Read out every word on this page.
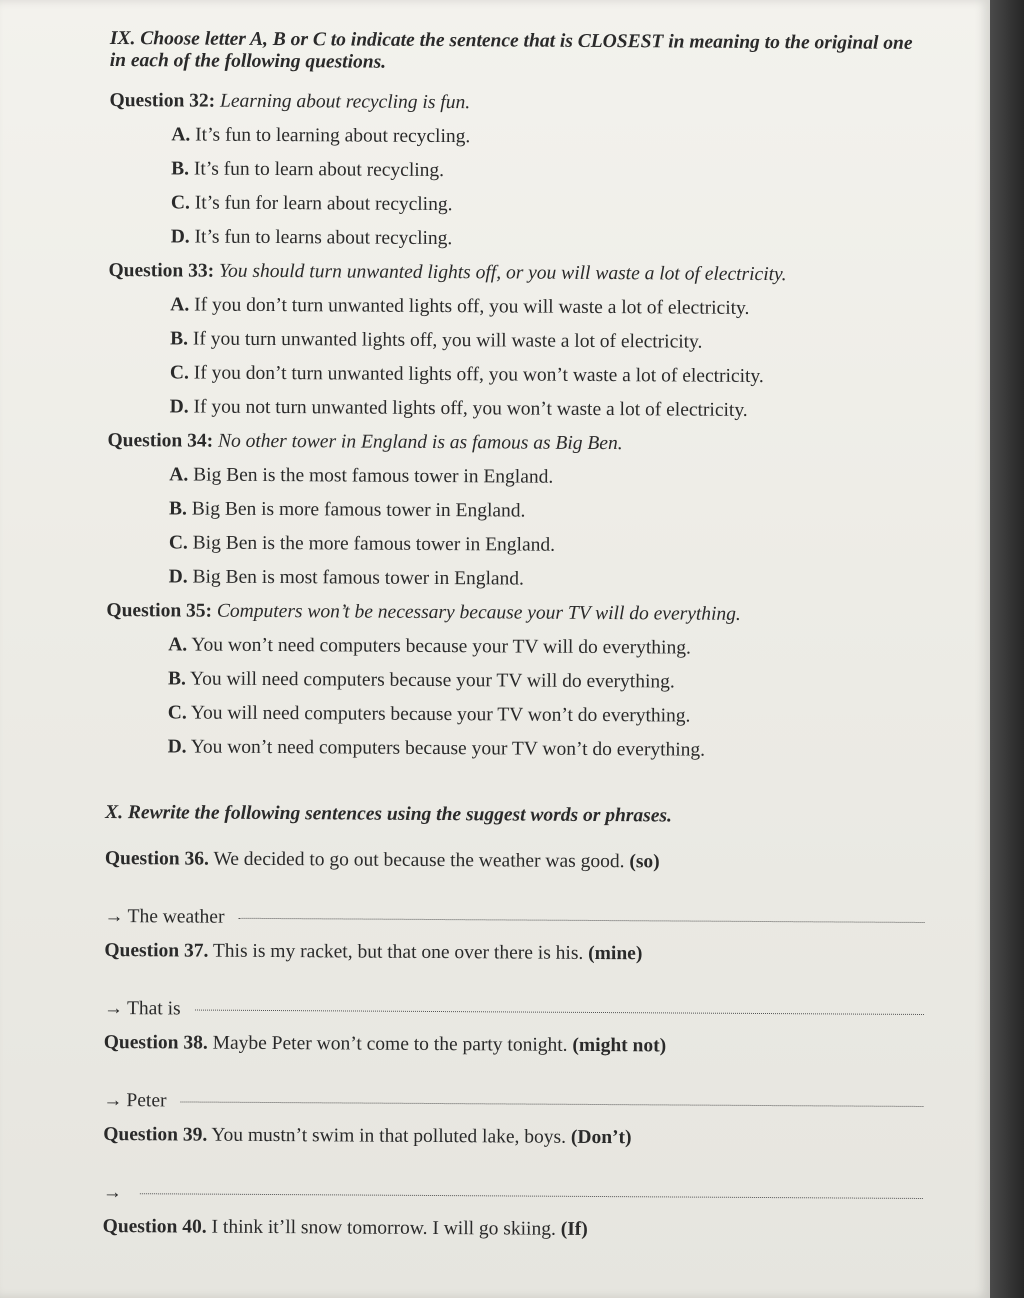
IX. Choose letter A, B or C to indicate the sentence that is CLOSEST in meaning to the original one in each of the following questions.
Question 32: Learning about recycling is fun.
A. It’s fun to learning about recycling.
B. It’s fun to learn about recycling.
C. It’s fun for learn about recycling.
D. It’s fun to learns about recycling.
Question 33: You should turn unwanted lights off, or you will waste a lot of electricity.
A. If you don’t turn unwanted lights off, you will waste a lot of electricity.
B. If you turn unwanted lights off, you will waste a lot of electricity.
C. If you don’t turn unwanted lights off, you won’t waste a lot of electricity.
D. If you not turn unwanted lights off, you won’t waste a lot of electricity.
Question 34: No other tower in England is as famous as Big Ben.
A. Big Ben is the most famous tower in England.
B. Big Ben is more famous tower in England.
C. Big Ben is the more famous tower in England.
D. Big Ben is most famous tower in England.
Question 35: Computers won’t be necessary because your TV will do everything.
A. You won’t need computers because your TV will do everything.
B. You will need computers because your TV will do everything.
C. You will need computers because your TV won’t do everything.
D. You won’t need computers because your TV won’t do everything.
X. Rewrite the following sentences using the suggest words or phrases.
Question 36. We decided to go out because the weather was good. (so)
→ The weather
Question 37. This is my racket, but that one over there is his. (mine)
→ That is
Question 38. Maybe Peter won’t come to the party tonight. (might not)
→ Peter
Question 39. You mustn’t swim in that polluted lake, boys. (Don’t)
→
Question 40. I think it’ll snow tomorrow. I will go skiing. (If)
